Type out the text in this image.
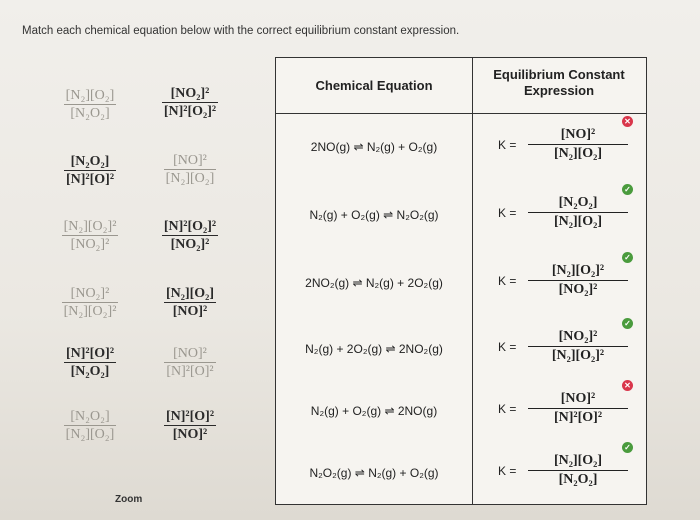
Match each chemical equation below with the correct equilibrium constant expression.
$\frac{\text{[N₂][O₂]}}{\text{[N₂O₂]}}$	$\frac{\text{[NO₂]²}}{\text{[N]²[O₂]²}}$
$\frac{\text{[N₂O₂]}}{\text{[N]²[O]²}}$	$\frac{\text{[NO]²}}{\text{[N₂][O₂]}}$
$\frac{\text{[N₂][O₂]²}}{\text{[NO₂]²}}$	$\frac{\text{[N]²[O₂]²}}{\text{[NO₂]²}}$
$\frac{\text{[NO₂]²}}{\text{[N₂][O₂]²}}$	$\frac{\text{[N₂][O₂]}}{\text{[NO]²}}$
$\frac{\text{[N]²[O]²}}{\text{[N₂O₂]}}$	$\frac{\text{[NO]²}}{\text{[N]²[O]²}}$
$\frac{\text{[N₂O₂]}}{\text{[N₂][O₂]}}$	$\frac{\text{[N]²[O]²}}{\text{[NO]²}}$
Chemical Equation
Equilibrium Constant
Expression
2NO(g) ⇌ N₂(g) + O₂(g)	$K = \frac{\text{[NO]²}}{\text{[N₂][O₂]}}$
✕
N₂(g) + O₂(g) ⇌ N₂O₂(g)	$K = \frac{\text{[N₂O₂]}}{\text{[N₂][O₂]}}$
✓
2NO₂(g) ⇌ N₂(g) + 2O₂(g)	$K = \frac{\text{[N₂][O₂]²}}{\text{[NO₂]²}}$
✓
N₂(g) + 2O₂(g) ⇌ 2NO₂(g)	$K = \frac{\text{[NO₂]²}}{\text{[N₂][O₂]²}}$
✓
N₂(g) + O₂(g) ⇌ 2NO(g)	$K = \frac{\text{[NO]²}}{\text{[N]²[O]²}}$
✕
N₂O₂(g) ⇌ N₂(g) + O₂(g)	$K = \frac{\text{[N₂][O₂]}}{\text{[N₂O₂]}}$
✓
Zoom
